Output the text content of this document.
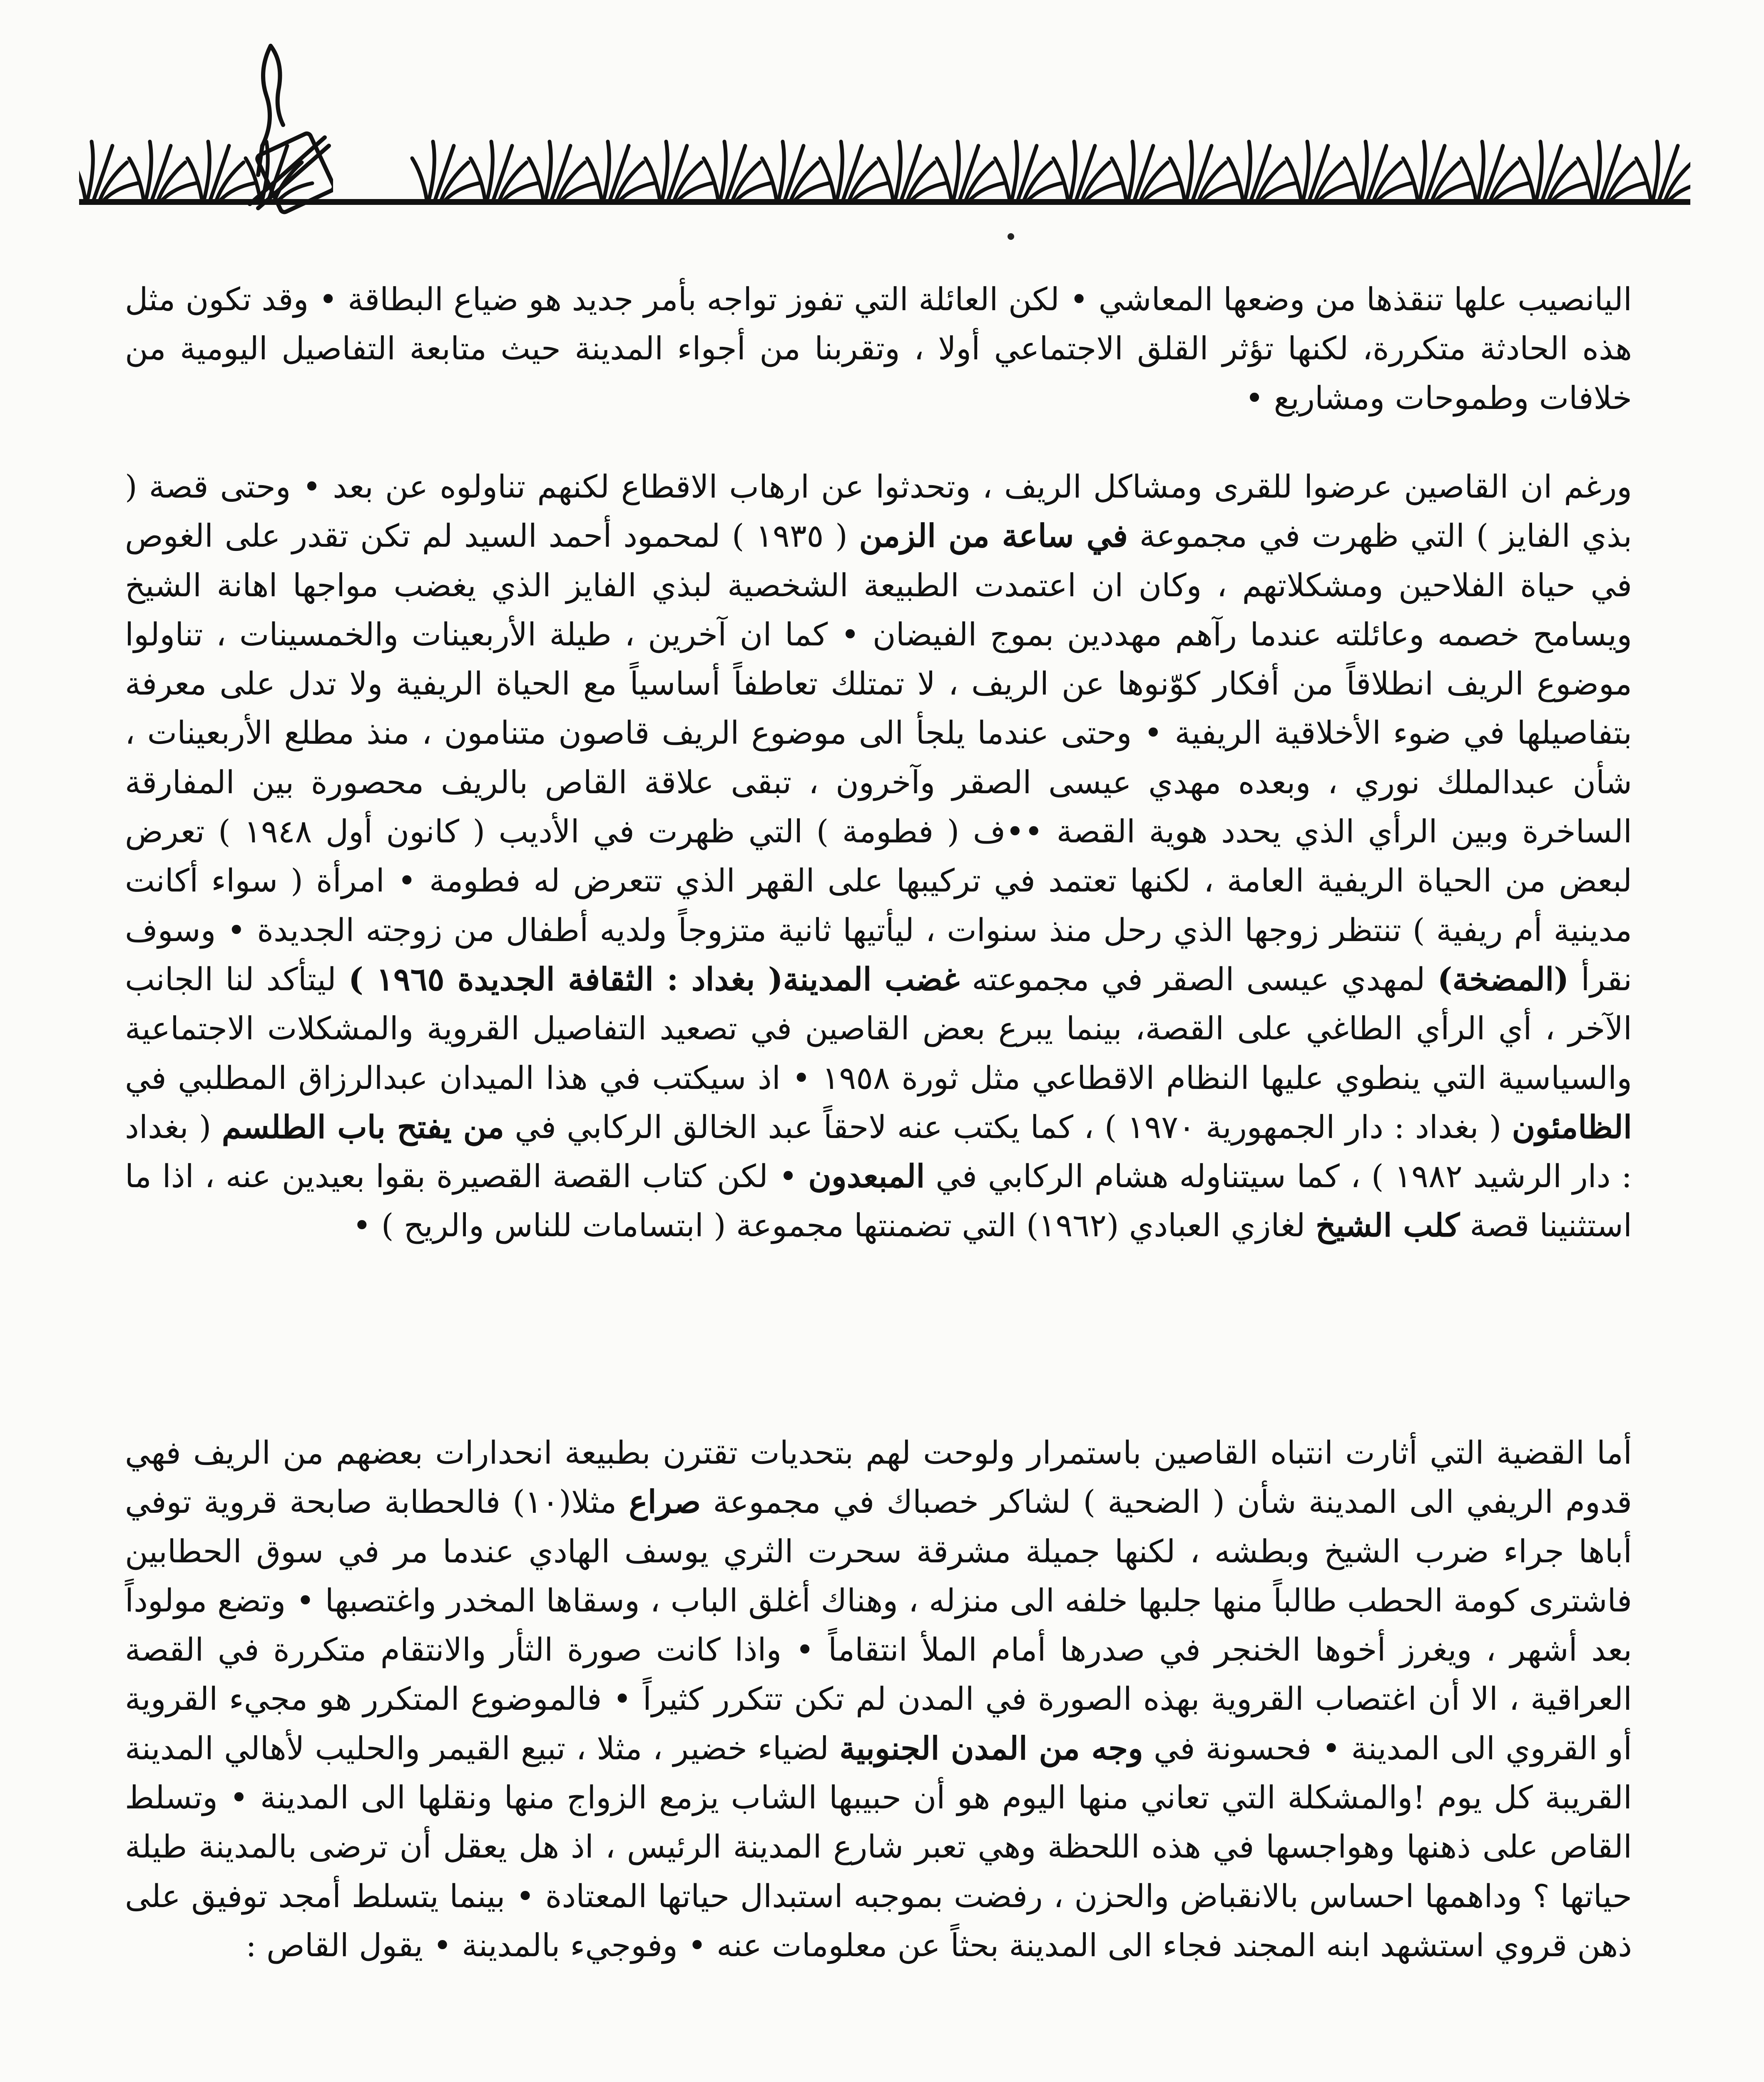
اليانصيب علها تنقذها من وضعها المعاشي • لكن العائلة التي تفوز تواجه بأمر جديد هو ضياع البطاقة • وقد تكون مثل هذه الحادثة متكررة، لكنها تؤثر القلق الاجتماعي أولا ، وتقربنا من أجواء المدينة حيث متابعة التفاصيل اليومية من خلافات وطموحات ومشاريع •

ورغم ان القاصين عرضوا للقرى ومشاكل الريف ، وتحدثوا عن ارهاب الاقطاع لكنهم تناولوه عن بعد • وحتى قصة ( بذي الفايز ) التي ظهرت في مجموعة في ساعة من الزمن ( ١٩٣٥ ) لمحمود أحمد السيد لم تكن تقدر على الغوص في حياة الفلاحين ومشكلاتهم ، وكان ان اعتمدت الطبيعة الشخصية لبذي الفايز الذي يغضب مواجها اهانة الشيخ ويسامح خصمه وعائلته عندما رآهم مهددين بموج الفيضان • كما ان آخرين ، طيلة الأربعينات والخمسينات ، تناولوا موضوع الريف انطلاقاً من أفكار كوّنوها عن الريف ، لا تمتلك تعاطفاً أساسياً مع الحياة الريفية ولا تدل على معرفة بتفاصيلها في ضوء الأخلاقية الريفية • وحتى عندما يلجأ الى موضوع الريف قاصون متنامون ، منذ مطلع الأربعينات ، شأن عبدالملك نوري ، وبعده مهدي عيسى الصقر وآخرون ، تبقى علاقة القاص بالريف محصورة بين المفارقة الساخرة وبين الرأي الذي يحدد هوية القصة ••ف ( فطومة ) التي ظهرت في الأديب ( كانون أول ١٩٤٨ ) تعرض لبعض من الحياة الريفية العامة ، لكنها تعتمد في تركيبها على القهر الذي تتعرض له فطومة • امرأة ( سواء أكانت مدينية أم ريفية ) تنتظر زوجها الذي رحل منذ سنوات ، ليأتيها ثانية متزوجاً ولديه أطفال من زوجته الجديدة • وسوف نقرأ (المضخة) لمهدي عيسى الصقر في مجموعته غضب المدينة( بغداد : الثقافة الجديدة ١٩٦٥ ) ليتأكد لنا الجانب الآخر ، أي الرأي الطاغي على القصة، بينما يبرع بعض القاصين في تصعيد التفاصيل القروية والمشكلات الاجتماعية والسياسية التي ينطوي عليها النظام الاقطاعي مثل ثورة ١٩٥٨ • اذ سيكتب في هذا الميدان عبدالرزاق المطلبي في الظامئون ( بغداد : دار الجمهورية ١٩٧٠ ) ، كما يكتب عنه لاحقاً عبد الخالق الركابي في من يفتح باب الطلسم ( بغداد : دار الرشيد ١٩٨٢ ) ، كما سيتناوله هشام الركابي في المبعدون • لكن كتاب القصة القصيرة بقوا بعيدين عنه ، اذا ما استثنينا قصة كلب الشيخ لغازي العبادي (١٩٦٢) التي تضمنتها مجموعة ( ابتسامات للناس والريح ) •

أما القضية التي أثارت انتباه القاصين باستمرار ولوحت لهم بتحديات تقترن بطبيعة انحدارات بعضهم من الريف فهي قدوم الريفي الى المدينة شأن ( الضحية ) لشاكر خصباك في مجموعة صراع مثلا(١٠) فالحطابة صابحة قروية توفي أباها جراء ضرب الشيخ وبطشه ، لكنها جميلة مشرقة سحرت الثري يوسف الهادي عندما مر في سوق الحطابين فاشترى كومة الحطب طالباً منها جلبها خلفه الى منزله ، وهناك أغلق الباب ، وسقاها المخدر واغتصبها • وتضع مولوداً بعد أشهر ، ويغرز أخوها الخنجر في صدرها أمام الملأ انتقاماً • واذا كانت صورة الثأر والانتقام متكررة في القصة العراقية ، الا أن اغتصاب القروية بهذه الصورة في المدن لم تكن تتكرر كثيراً • فالموضوع المتكرر هو مجيء القروية أو القروي الى المدينة • فحسونة في وجه من المدن الجنوبية لضياء خضير ، مثلا ، تبيع القيمر والحليب لأهالي المدينة القريبة كل يوم !والمشكلة التي تعاني منها اليوم هو أن حبيبها الشاب يزمع الزواج منها ونقلها الى المدينة • وتسلط القاص على ذهنها وهواجسها في هذه اللحظة وهي تعبر شارع المدينة الرئيس ، اذ هل يعقل أن ترضى بالمدينة طيلة حياتها ؟ وداهمها احساس بالانقباض والحزن ، رفضت بموجبه استبدال حياتها المعتادة • بينما يتسلط أمجد توفيق على ذهن قروي استشهد ابنه المجند فجاء الى المدينة بحثاً عن معلومات عنه • وفوجيء بالمدينة • يقول القاص :
